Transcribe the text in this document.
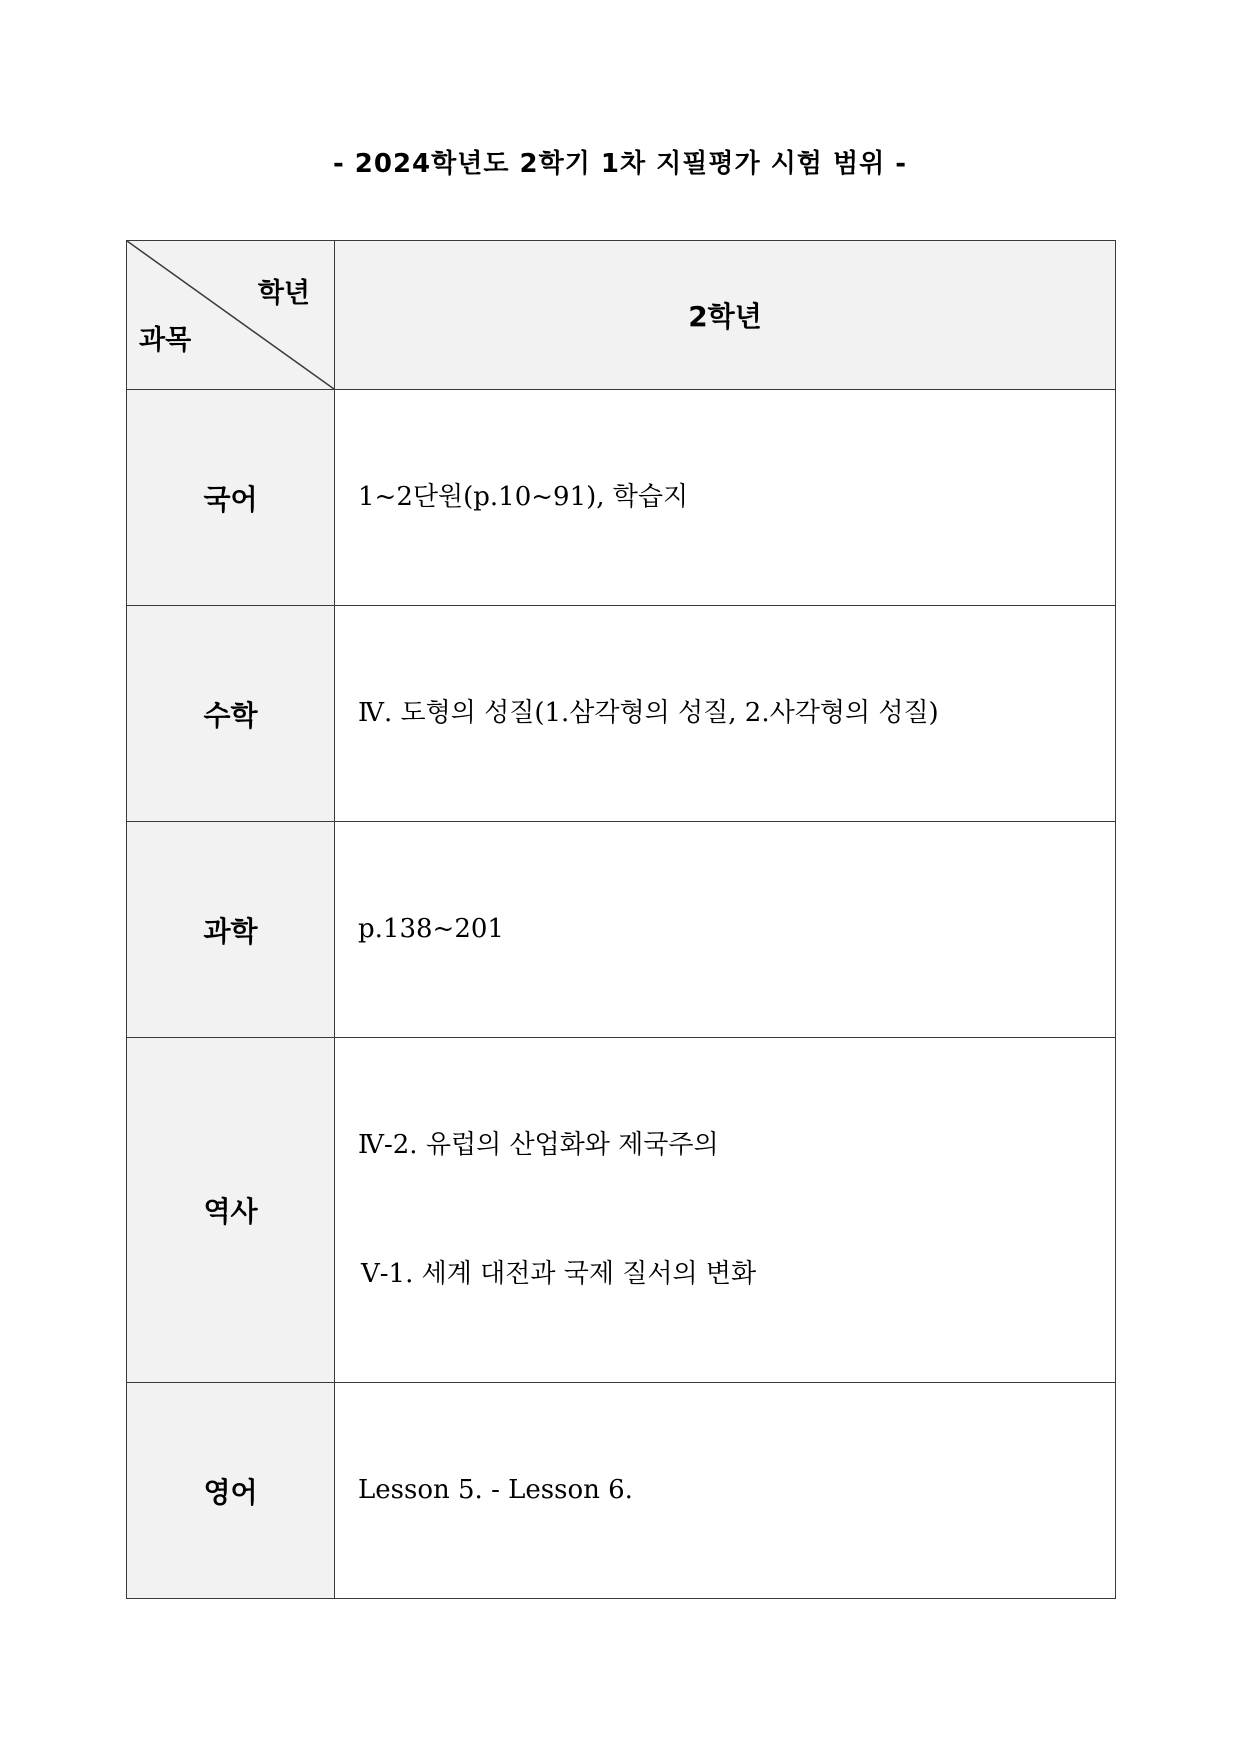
- 2024학년도 2학기 1차 지필평가 시험 범위 -
학년
과목	2학년
국어	1~2단원(p.10~91), 학습지

수학	Ⅳ. 도형의 성질(1.삼각형의 성질, 2.사각형의 성질)

과학	p.138~201

역사	Ⅳ-2. 유럽의 산업화와 제국주의

Ⅴ-1. 세계 대전과 국제 질서의 변화

영어	Lesson 5. - Lesson 6.
